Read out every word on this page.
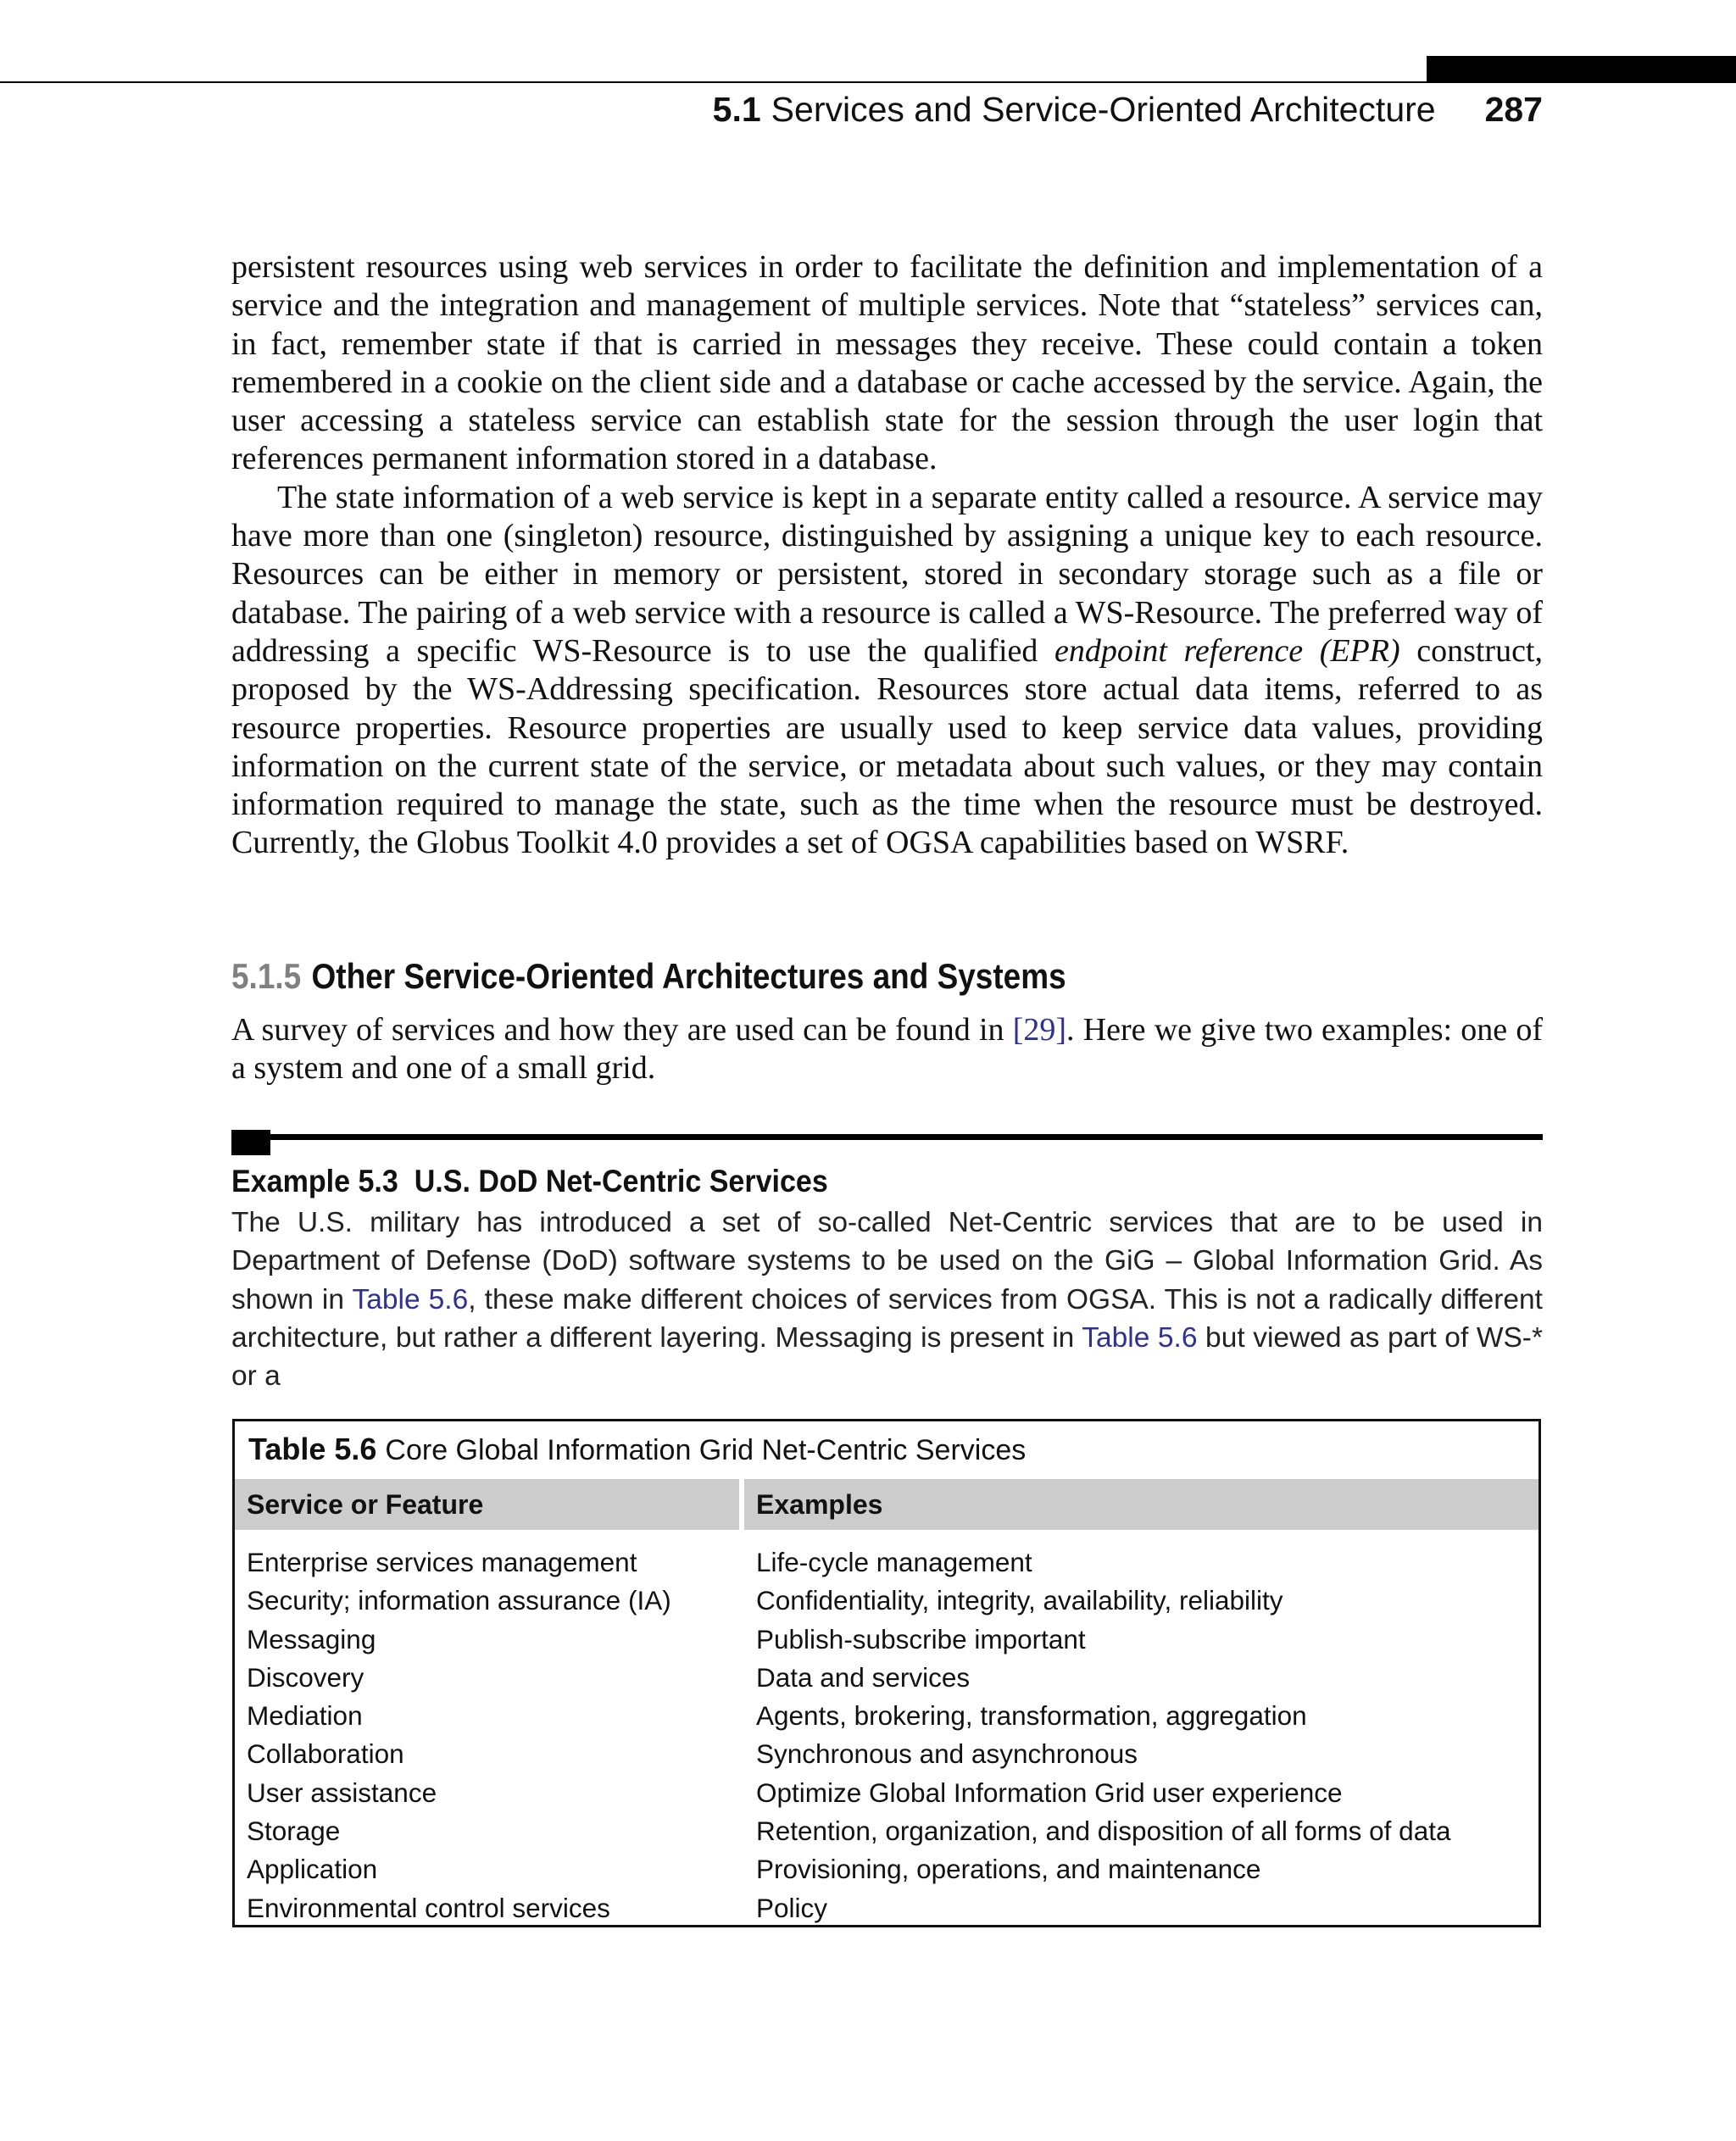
5.1 Services and Service-Oriented Architecture 287

persistent resources using web services in order to facilitate the definition and implementation of a service and the integration and management of multiple services. Note that “stateless” services can, in fact, remember state if that is carried in messages they receive. These could contain a token remembered in a cookie on the client side and a database or cache accessed by the service. Again, the user accessing a stateless service can establish state for the session through the user login that references permanent information stored in a database.

The state information of a web service is kept in a separate entity called a resource. A service may have more than one (singleton) resource, distinguished by assigning a unique key to each resource. Resources can be either in memory or persistent, stored in secondary storage such as a file or database. The pairing of a web service with a resource is called a WS-Resource. The preferred way of addressing a specific WS-Resource is to use the qualified endpoint reference (EPR) construct, proposed by the WS-Addressing specification. Resources store actual data items, referred to as resource properties. Resource properties are usually used to keep service data values, providing information on the current state of the service, or metadata about such values, or they may contain information required to manage the state, such as the time when the resource must be destroyed. Currently, the Globus Toolkit 4.0 provides a set of OGSA capabilities based on WSRF.

5.1.5 Other Service-Oriented Architectures and Systems

A survey of services and how they are used can be found in [29]. Here we give two examples: one of a system and one of a small grid.

Example 5.3 U.S. DoD Net-Centric Services
The U.S. military has introduced a set of so-called Net-Centric services that are to be used in Department of Defense (DoD) software systems to be used on the GiG – Global Information Grid. As shown in Table 5.6, these make different choices of services from OGSA. This is not a radically different architecture, but rather a different layering. Messaging is present in Table 5.6 but viewed as part of WS-* or a
Table 5.6 Core Global Information Grid Net-Centric Services
Service or Feature	Examples
Enterprise services management	Life-cycle management
Security; information assurance (IA)	Confidentiality, integrity, availability, reliability
Messaging	Publish-subscribe important
Discovery	Data and services
Mediation	Agents, brokering, transformation, aggregation
Collaboration	Synchronous and asynchronous
User assistance	Optimize Global Information Grid user experience
Storage	Retention, organization, and disposition of all forms of data
Application	Provisioning, operations, and maintenance
Environmental control services	Policy
